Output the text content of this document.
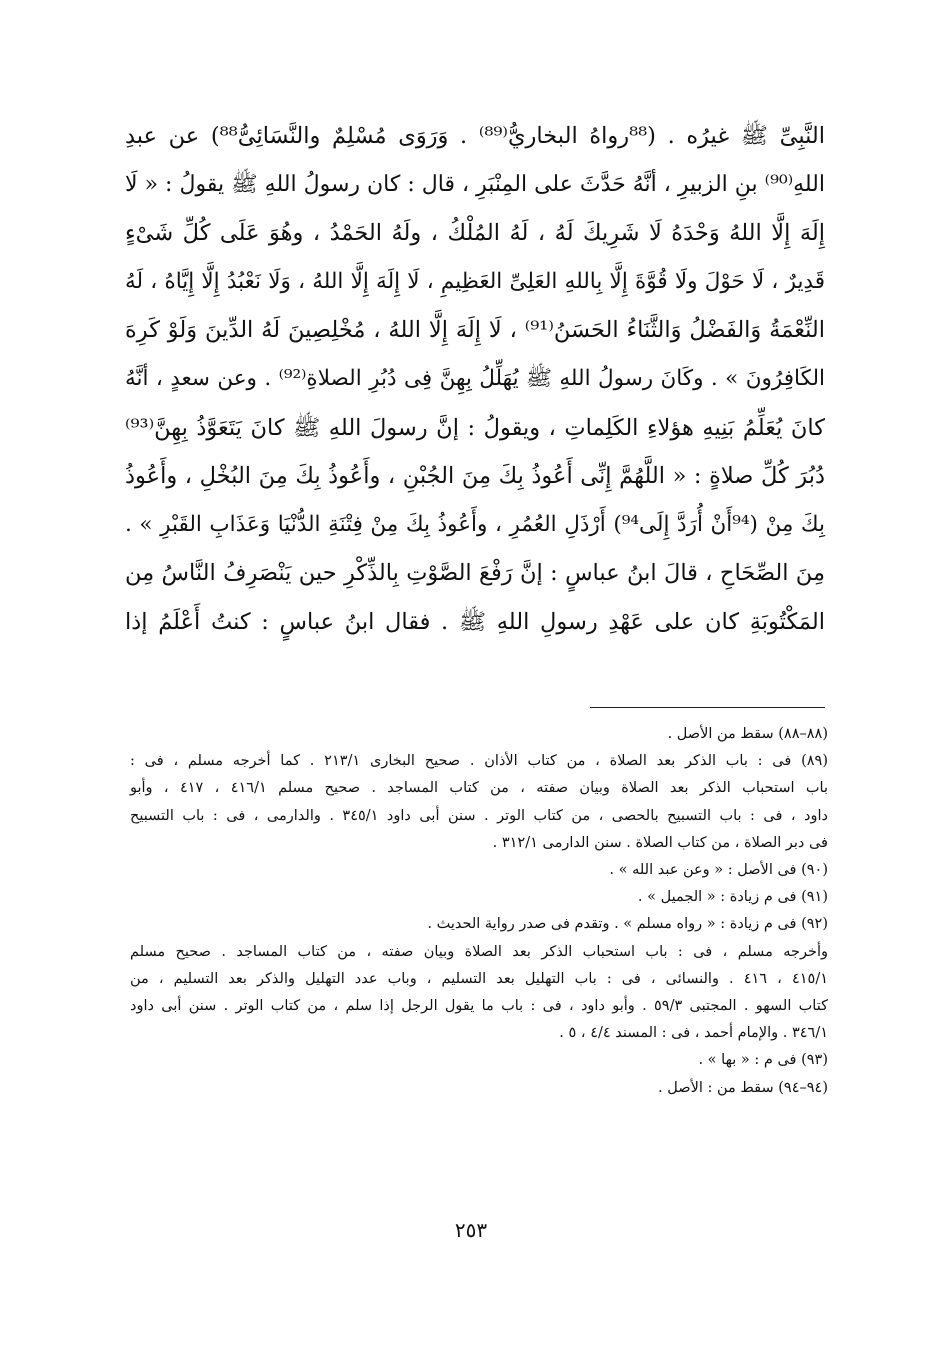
النَّبِىِّ ﷺ غيرُه . (⁸⁸رواهُ البخاريُّ⁽⁸⁹⁾ . وَرَوَى مُسْلِمٌ والنَّسَائِىُّ⁸⁸) عن عبدِ

اللهِ⁽⁹⁰⁾ بنِ الزبيرِ ، أنَّهُ حَدَّثَ على المِنْبَرِ ، قال : كان رسولُ اللهِ ﷺ يقولُ : « لَا

إِلَهَ إِلَّا اللهُ وَحْدَهُ لَا شَرِيكَ لَهُ ، لَهُ المُلْكُ ، ولَهُ الحَمْدُ ، وهُوَ عَلَى كُلِّ شَىْءٍ

قَدِيرٌ ، لَا حَوْلَ ولَا قُوَّةَ إِلَّا بِاللهِ العَلِىِّ العَظِيمِ ، لَا إِلَهَ إِلَّا اللهُ ، وَلَا نَعْبُدُ إِلَّا إِيَّاهُ ، لَهُ

النِّعْمَةُ وَالفَضْلُ وَالثَّنَاءُ الحَسَنُ⁽⁹¹⁾ ، لَا إِلَهَ إِلَّا اللهُ ، مُخْلِصِينَ لَهُ الدِّينَ وَلَوْ كَرِهَ

الكَافِرُونَ » . وكَانَ رسولُ اللهِ ﷺ يُهَلِّلُ بِهِنَّ فِى دُبُرِ الصلاةِ⁽⁹²⁾ . وعن سعدٍ ، أنَّهُ

كانَ يُعَلِّمُ بَنِيهِ هؤلاءِ الكَلِماتِ ، ويقولُ : إنَّ رسولَ اللهِ ﷺ كانَ يَتَعَوَّذُ بِهِنَّ⁽⁹³⁾

دُبُرَ كُلِّ صلاةٍ : « اللَّهُمَّ إِنِّى أَعُوذُ بِكَ مِنَ الجُبْنِ ، وأَعُوذُ بِكَ مِنَ البُخْلِ ، وأَعُوذُ

بِكَ مِنْ (⁹⁴أَنْ أُرَدَّ إِلَى⁹⁴) أَرْذَلِ العُمُرِ ، وأَعُوذُ بِكَ مِنْ فِتْنَةِ الدُّنْيَا وَعَذَابِ القَبْرِ » .

مِنَ الصِّحَاحِ ، قالَ ابنُ عباسٍ : إنَّ رَفْعَ الصَّوْتِ بِالذِّكْرِ حين يَنْصَرِفُ النَّاسُ مِن

المَكْتُوبَةِ كان على عَهْدِ رسولِ اللهِ ﷺ . فقال ابنُ عباسٍ : كنتُ أَعْلَمُ إذا

(٨٨–٨٨) سقط من الأصل .

(٨٩) فى : باب الذكر بعد الصلاة ، من كتاب الأذان . صحيح البخارى ٢١٣/١ . كما أخرجه مسلم ، فى :

باب استحباب الذكر بعد الصلاة وبيان صفته ، من كتاب المساجد . صحيح مسلم ٤١٦/١ ، ٤١٧ ، وأبو

داود ، فى : باب التسبيح بالحصى ، من كتاب الوتر . سنن أبى داود ٣٤٥/١ . والدارمى ، فى : باب التسبيح

فى دبر الصلاة ، من كتاب الصلاة . سنن الدارمى ٣١٢/١ .

(٩٠) فى الأصل : « وعن عبد الله » .

(٩١) فى م زيادة : « الجميل » .

(٩٢) فى م زيادة : « رواه مسلم » . وتقدم فى صدر رواية الحديث .

وأخرجه مسلم ، فى : باب استحباب الذكر بعد الصلاة وبيان صفته ، من كتاب المساجد . صحيح مسلم

٤١٥/١ ، ٤١٦ . والنسائى ، فى : باب التهليل بعد التسليم ، وباب عدد التهليل والذكر بعد التسليم ، من

كتاب السهو . المجتبى ٥٩/٣ . وأبو داود ، فى : باب ما يقول الرجل إذا سلم ، من كتاب الوتر . سنن أبى داود

٣٤٦/١ . والإمام أحمد ، فى : المسند ٤/٤ ، ٥ .

(٩٣) فى م : « بها » .

(٩٤–٩٤) سقط من : الأصل .

٢٥٣
